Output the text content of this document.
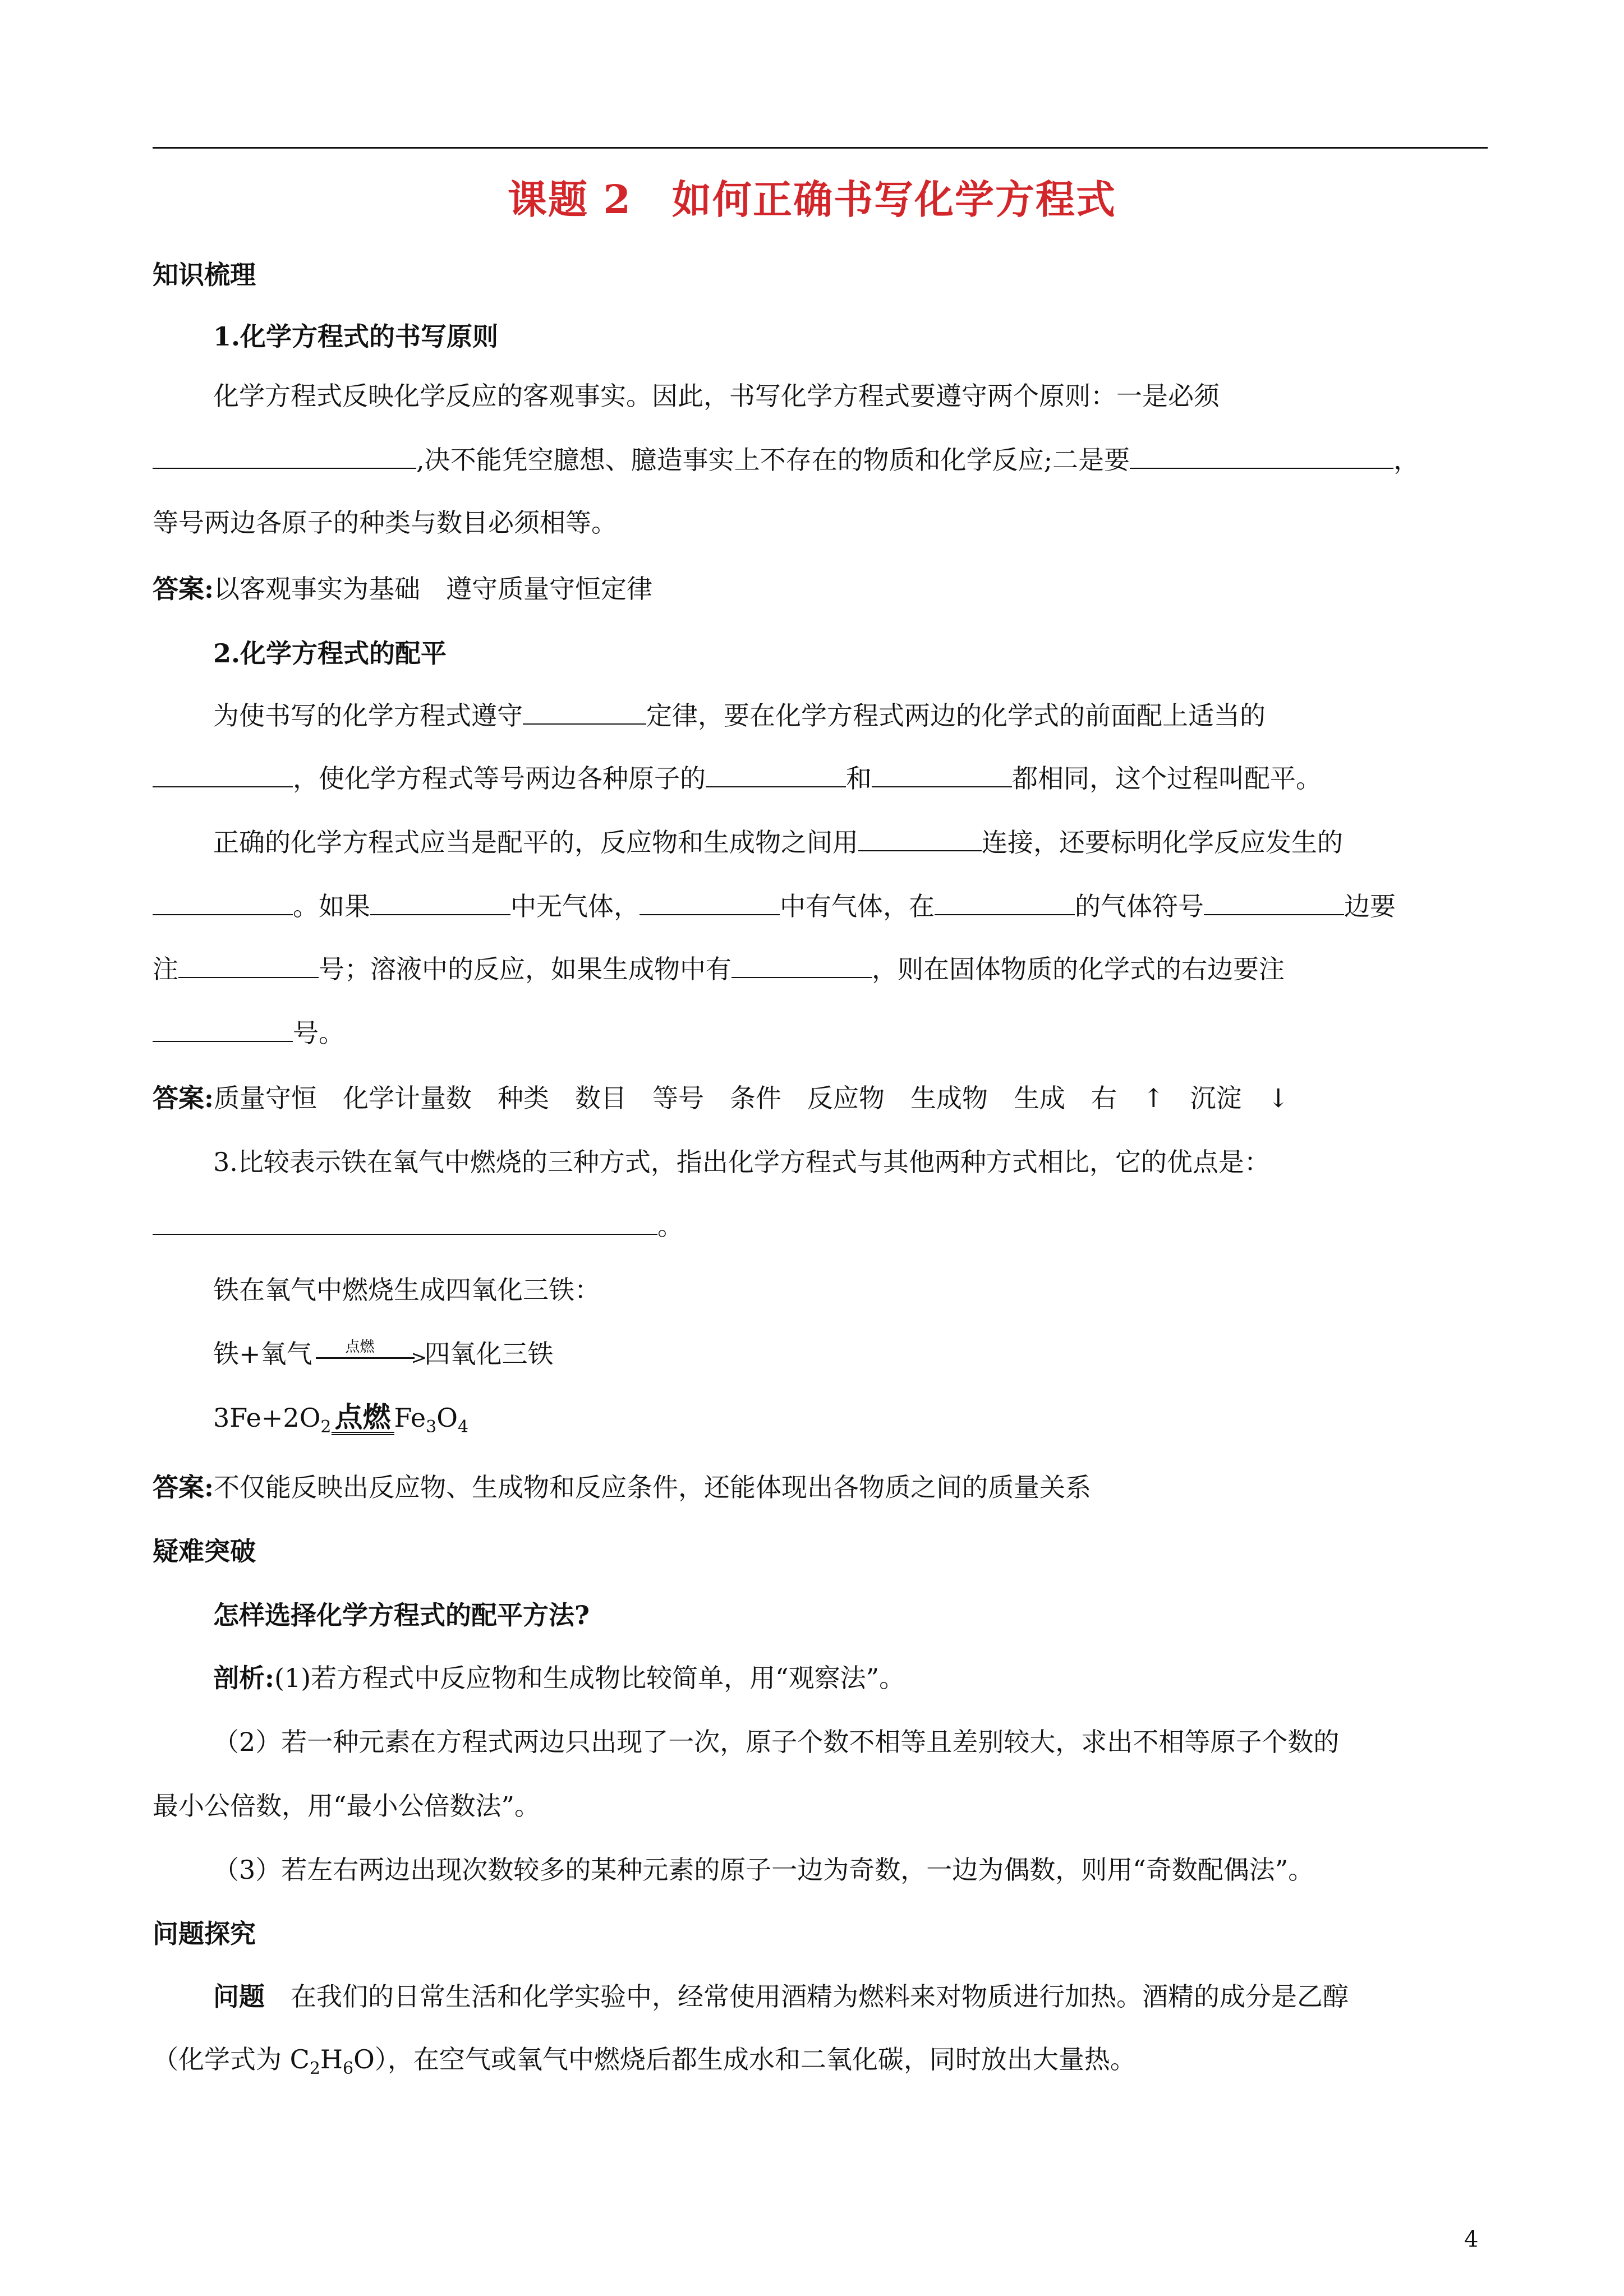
课题 2　如何正确书写化学方程式
知识梳理
1.化学方程式的书写原则
化学方程式反映化学反应的客观事实。因此，书写化学方程式要遵守两个原则：一是必须
,决不能凭空臆想、臆造事实上不存在的物质和化学反应;二是要	，
等号两边各原子的种类与数目必须相等。
答案:以客观事实为基础　遵守质量守恒定律
2.化学方程式的配平
为使书写的化学方程式遵守	定律，要在化学方程式两边的化学式的前面配上适当的
，使化学方程式等号两边各种原子的	和	都相同，这个过程叫配平。
正确的化学方程式应当是配平的，反应物和生成物之间用	连接，还要标明化学反应发生的
。如果	中无气体，	中有气体，在	的气体符号	边要
注	号；溶液中的反应，如果生成物中有	，则在固体物质的化学式的右边要注
号。
答案:质量守恒　化学计量数　种类　数目　等号　条件　反应物　生成物　生成　右　↑　沉淀　↓
3.比较表示铁在氧气中燃烧的三种方式，指出化学方程式与其他两种方式相比，它的优点是：
。
铁在氧气中燃烧生成四氧化三铁：
铁+氧气	点燃	>
四氧化三铁
$3Fe+2O_2$ 点燃 $Fe_3O_4$
答案:不仅能反映出反应物、生成物和反应条件，还能体现出各物质之间的质量关系
疑难突破
怎样选择化学方程式的配平方法?
剖析:(1)若方程式中反应物和生成物比较简单，用“观察法”。
（2）若一种元素在方程式两边只出现了一次，原子个数不相等且差别较大，求出不相等原子个数的
最小公倍数，用“最小公倍数法”。
（3）若左右两边出现次数较多的某种元素的原子一边为奇数，一边为偶数，则用“奇数配偶法”。
问题探究
问题　在我们的日常生活和化学实验中，经常使用酒精为燃料来对物质进行加热。酒精的成分是乙醇
（化学式为 $C_2H_6O$），在空气或氧气中燃烧后都生成水和二氧化碳，同时放出大量热。
4
